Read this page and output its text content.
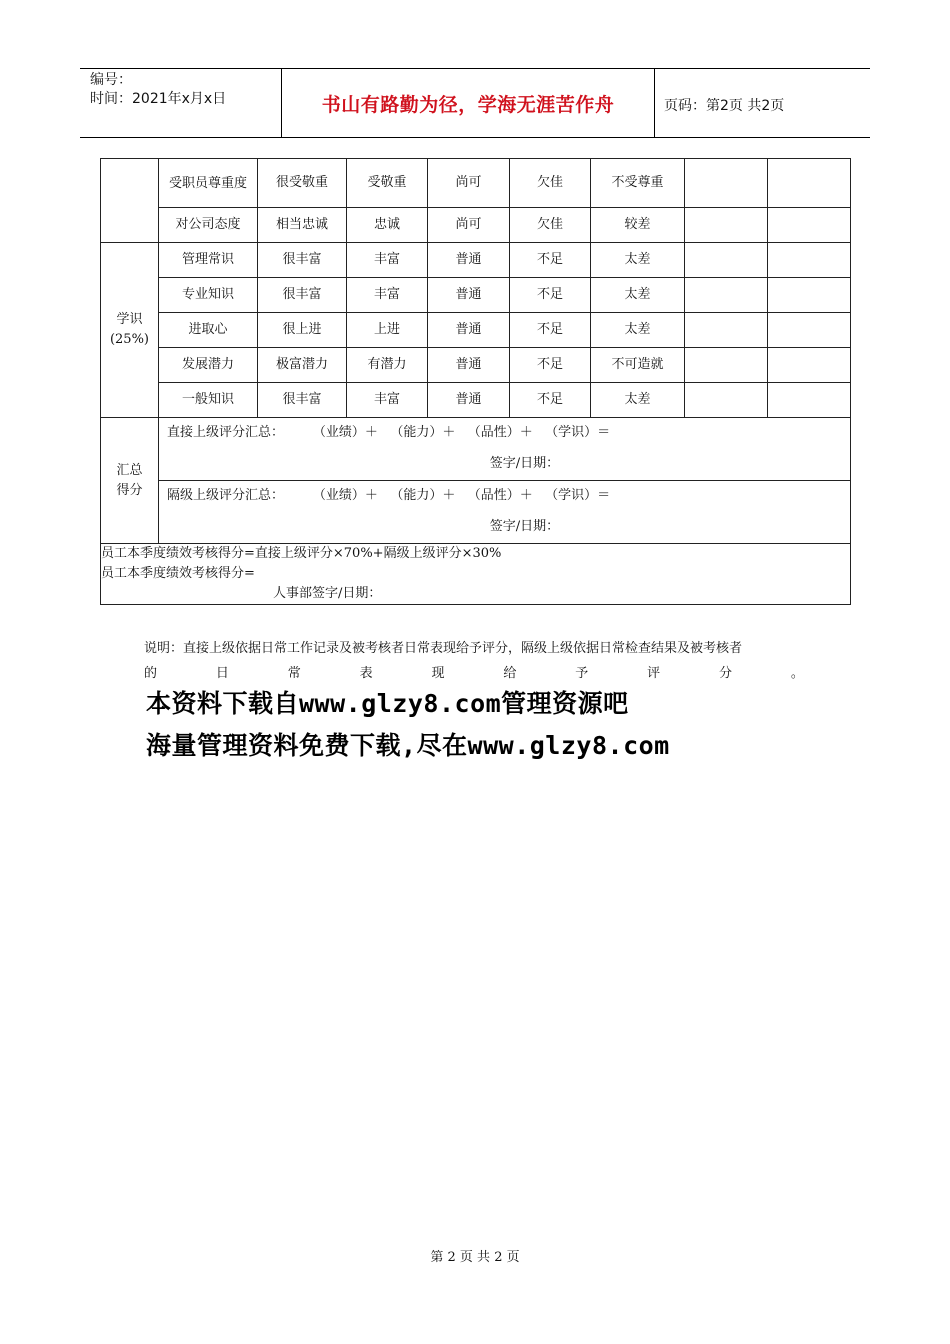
编号：
时间：2021年x月x日	书山有路勤为径，学海无涯苦作舟	页码：第2页 共2页
	受职员尊重度	很受敬重	受敬重	尚可	欠佳	不受尊重		
	对公司态度	相当忠诚	忠诚	尚可	欠佳	较差		

学识
(25%)	管理常识	很丰富	丰富	普通	不足	太差		
	专业知识	很丰富	丰富	普通	不足	太差		
	进取心	很上进	上进	普通	不足	太差		
	发展潜力	极富潜力	有潜力	普通	不足	不可造就		
	一般知识	很丰富	丰富	普通	不足	太差		

汇总
得分	直接上级评分汇总：       （业绩）＋   （能力）＋   （品性）＋   （学识）＝							

签字/日期：							

隔级上级评分汇总：       （业绩）＋   （能力）＋   （品性）＋   （学识）＝							

签字/日期：							

员工本季度绩效考核得分=直接上级评分×70%+隔级上级评分×30%
员工本季度绩效考核得分=
人事部签字/日期：								
说明：直接上级依据日常工作记录及被考核者日常表现给予评分，隔级上级依据日常检查结果及被考核者
的	日	常	表	现	给	予	评	分	。
本资料下载自www.glzy8.com管理资源吧
海量管理资料免费下载,尽在www.glzy8.com
第 2 页 共 2 页
